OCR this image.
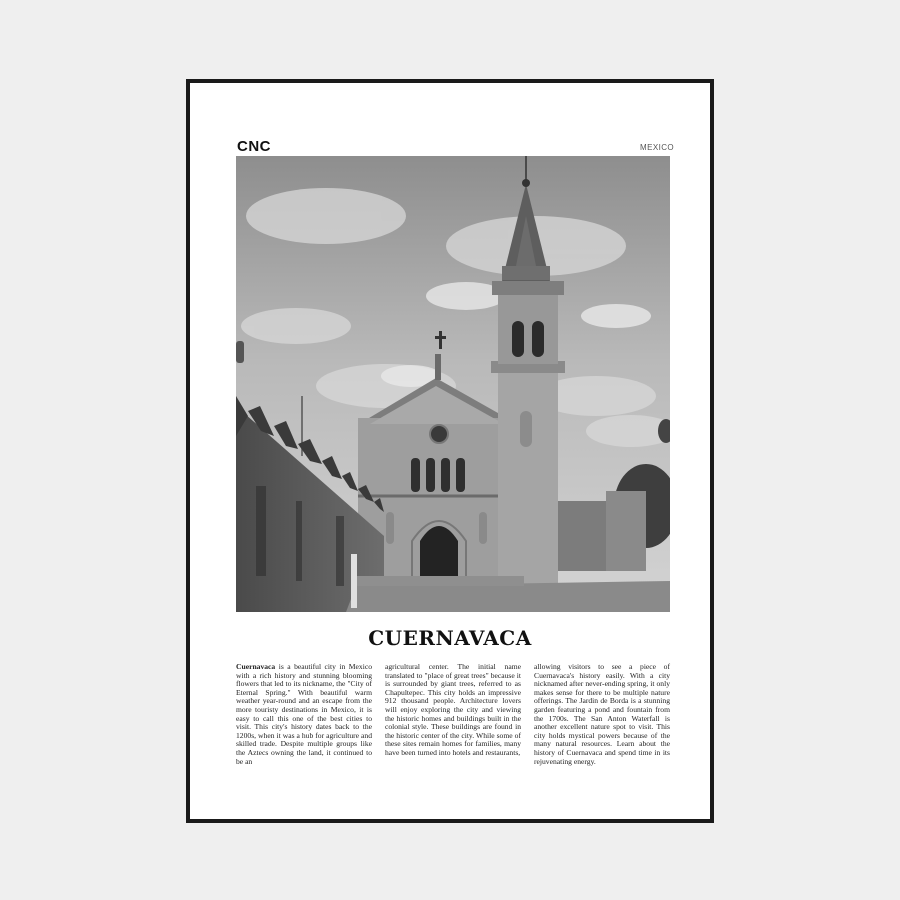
CNC	MEXICO
CUERNAVACA

Cuernavaca is a beautiful city in Mexico with a rich history and stunning blooming flowers that led to its nickname, the "City of Eternal Spring." With beautiful warm weather year-round and an escape from the more touristy destinations in Mexico, it is easy to call this one of the best cities to visit. This city's history dates back to the 1200s, when it was a hub for agriculture and skilled trade. Despite multiple groups like the Aztecs owning the land, it continued to be an

agricultural center. The initial name translated to "place of great trees" because it is surrounded by giant trees, referred to as Chapultepec. This city holds an impressive 912 thousand people. Architecture lovers will enjoy exploring the city and viewing the historic homes and buildings built in the colonial style. These buildings are found in the historic center of the city. While some of these sites remain homes for families, many have been turned into hotels and restaurants,

allowing visitors to see a piece of Cuernavaca's history easily. With a city nicknamed after never-ending spring, it only makes sense for there to be multiple nature offerings. The Jardin de Borda is a stunning garden featuring a pond and fountain from the 1700s. The San Anton Waterfall is another excellent nature spot to visit. This city holds mystical powers because of the many natural resources. Learn about the history of Cuernavaca and spend time in its rejuvenating energy.
